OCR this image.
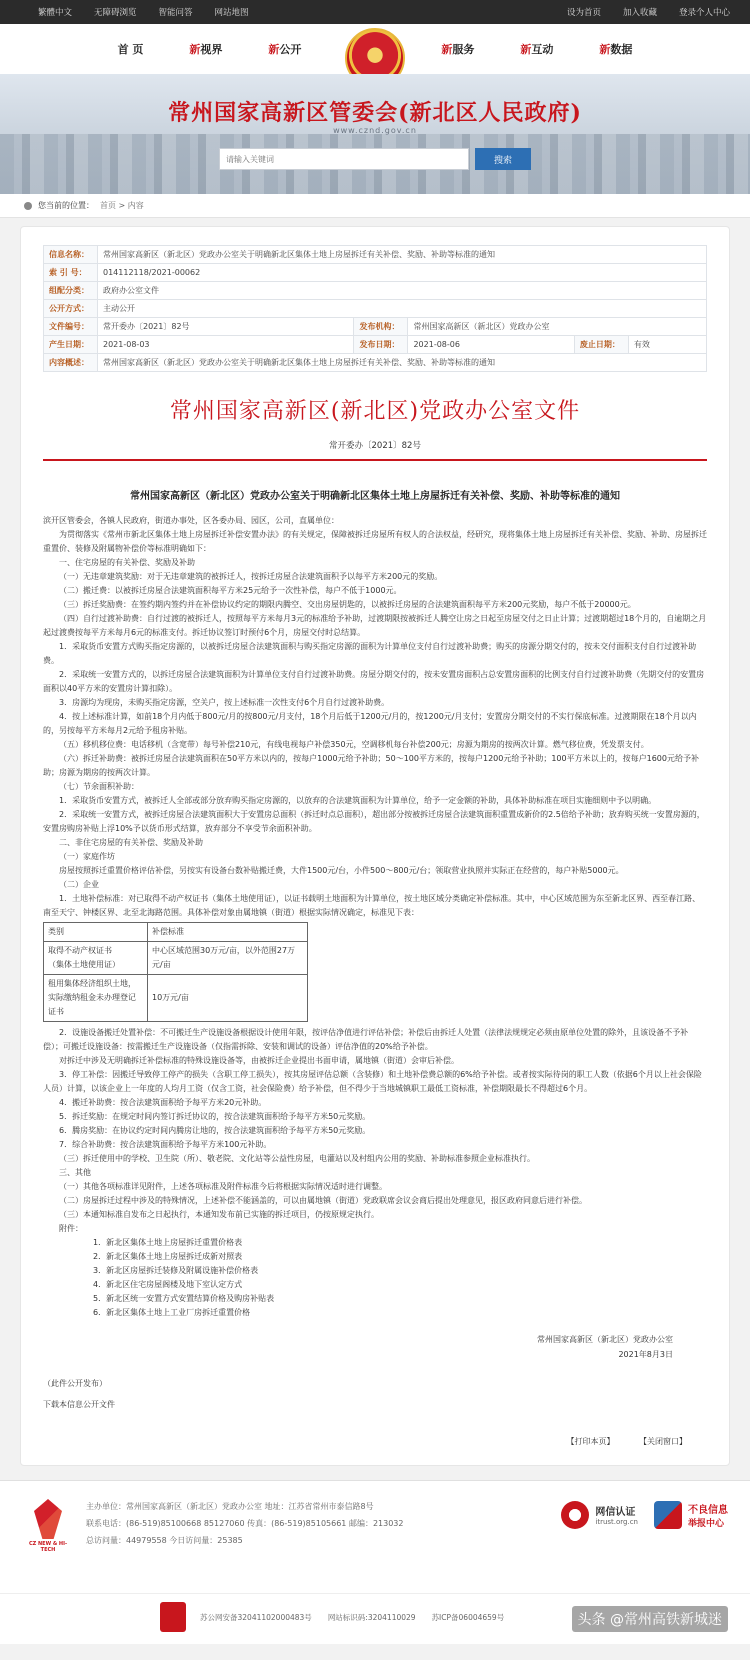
繁體中文	无障碍浏览	智能问答	网站地图	设为首页	加入收藏	登录个人中心
首 页	新视界	新公开	新服务	新互动	新数据
常州国家高新区管委会(新北区人民政府)
www.cznd.gov.cn
请输入关键词
搜索
您当前的位置： 首页 > 内容
信息名称：	常州国家高新区（新北区）党政办公室关于明确新北区集体土地上房屋拆迁有关补偿、奖励、补助等标准的通知				
索 引 号：	014112118/2021-00062				
组配分类：	政府办公室文件				
公开方式：	主动公开				
文件编号：	常开委办〔2021〕82号	发布机构：	常州国家高新区（新北区）党政办公室		
产生日期：	2021-08-03	发布日期：	2021-08-06	废止日期：	有效
内容概述：	常州国家高新区（新北区）党政办公室关于明确新北区集体土地上房屋拆迁有关补偿、奖励、补助等标准的通知				
常州国家高新区(新北区)党政办公室文件
常开委办〔2021〕82号
常州国家高新区（新北区）党政办公室关于明确新北区集体土地上房屋拆迁有关补偿、奖励、补助等标准的通知

滨开区管委会，各镇人民政府，街道办事处，区各委办局、园区，公司，直属单位：

为贯彻落实《常州市新北区集体土地上房屋拆迁补偿安置办法》的有关规定，保障被拆迁房屋所有权人的合法权益，经研究，现将集体土地上房屋拆迁有关补偿、奖励、补助、房屋拆迁重置价、装修及附属物补偿价等标准明确如下：

一、住宅房屋的有关补偿、奖励及补助

（一）无违章建筑奖励：对于无违章建筑的被拆迁人，按拆迁房屋合法建筑面积予以每平方米200元的奖励。

（二）搬迁费：以被拆迁房屋合法建筑面积每平方米25元给予一次性补偿，每户不低于1000元。

（三）拆迁奖励费：在签约期内签约并在补偿协议约定的期限内腾空、交出房屋钥匙的，以被拆迁房屋的合法建筑面积每平方米200元奖励，每户不低于20000元。

（四）自行过渡补助费：自行过渡的被拆迁人，按照每平方米每月3元的标准给予补助，过渡期限按被拆迁人腾空让房之日起至房屋交付之日止计算；过渡期超过18个月的，自逾期之月起过渡费按每平方米每月6元的标准支付。拆迁协议签订时预付6个月，房屋交付时总结算。

1．采取货币安置方式购买指定房源的，以被拆迁房屋合法建筑面积与购买指定房源的面积为计算单位支付自行过渡补助费；购买的房源分期交付的，按未交付面积支付自行过渡补助费。

2．采取统一安置方式的，以拆迁房屋合法建筑面积为计算单位支付自行过渡补助费。房屋分期交付的，按未安置房面积占总安置房面积的比例支付自行过渡补助费（先期交付的安置房面积以40平方米的安置房计算扣除）。

3．房源均为现房，未购买指定房源，空关户，按上述标准一次性支付6个月自行过渡补助费。

4．按上述标准计算，如前18个月内低于800元/月的按800元/月支付，18个月后低于1200元/月的，按1200元/月支付；安置房分期交付的不实行保底标准。过渡期限在18个月以内的，另按每平方米每月2元给予租房补贴。

（五）移机移位费：电话移机（含宽带）每号补偿210元，有线电视每户补偿350元，空调移机每台补偿200元；房源为期房的按两次计算。燃气移位费，凭发票支付。

（六）拆迁补助费：被拆迁房屋合法建筑面积在50平方米以内的，按每户1000元给予补助；50～100平方米的，按每户1200元给予补助；100平方米以上的，按每户1600元给予补助；房源为期房的按两次计算。

（七）节余面积补助：

1．采取货币安置方式，被拆迁人全部或部分放弃购买指定房源的，以放弃的合法建筑面积为计算单位，给予一定金额的补助，具体补助标准在项目实施细则中予以明确。

2．采取统一安置方式，被拆迁房屋合法建筑面积大于安置房总面积（拆迁时点总面积），超出部分按被拆迁房屋合法建筑面积重置成新价的2.5倍给予补助；放弃购买统一安置房源的，安置房购房补贴上浮10%予以货币形式结算，放弃部分不享受节余面积补助。

二、非住宅房屋的有关补偿、奖励及补助

（一）家庭作坊

房屋按照拆迁重置价格评估补偿，另按实有设备台数补贴搬迁费，大件1500元/台，小件500～800元/台；领取营业执照并实际正在经营的，每户补贴5000元。

（二）企业

1．土地补偿标准：对已取得不动产权证书（集体土地使用证），以证书载明土地面积为计算单位，按土地区域分类确定补偿标准。其中，中心区域范围为东至新北区界、西至春江路、南至天宁、钟楼区界、北至北海路范围。具体补偿对象由属地镇（街道）根据实际情况确定，标准见下表：

类别	补偿标准
取得不动产权证书
（集体土地使用证）	中心区域范围30万元/亩，以外范围27万元/亩
租用集体经济组织土地，
实际缴纳租金未办理登记证书	10万元/亩

2．设施设备搬迁处置补偿：不可搬迁生产设施设备根据设计使用年限，按评估净值进行评估补偿；补偿后由拆迁人处置（法律法规规定必须由原单位处置的除外，且该设备不予补偿）；可搬迁设施设备：按需搬迁生产设施设备（仅指需拆除、安装和调试的设备）评估净值的20%给予补偿。

对拆迁中涉及无明确拆迁补偿标准的特殊设施设备等，由被拆迁企业提出书面申请，属地镇（街道）会审后补偿。

3．停工补偿：因搬迁导致停工停产的损失（含职工停工损失），按其房屋评估总额（含装修）和土地补偿费总额的6%给予补偿。或者按实际待岗的职工人数（依据6个月以上社会保险人员）计算，以该企业上一年度的人均月工资（仅含工资，社会保险费）给予补偿，但不得少于当地城镇职工最低工资标准，补偿期限最长不得超过6个月。

4．搬迁补助费：按合法建筑面积给予每平方米20元补助。

5．拆迁奖励：在规定时间内签订拆迁协议的，按合法建筑面积给予每平方米50元奖励。

6．腾房奖励：在协议约定时间内腾房让地的，按合法建筑面积给予每平方米50元奖励。

7．综合补助费：按合法建筑面积给予每平方米100元补助。

（三）拆迁使用中的学校、卫生院（所）、敬老院、文化站等公益性房屋，电灌站以及村组内公用的奖励、补助标准参照企业标准执行。

三、其他

（一）其他各项标准详见附件，上述各项标准及附件标准今后将根据实际情况适时进行调整。

（二）房屋拆迁过程中涉及的特殊情况，上述补偿不能涵盖的，可以由属地镇（街道）党政联席会议会商后提出处理意见，报区政府同意后进行补偿。

（三）本通知标准自发布之日起执行，本通知发布前已实施的拆迁项目，仍按原规定执行。

附件：

1．新北区集体土地上房屋拆迁重置价格表

2．新北区集体土地上房屋拆迁成新对照表

3．新北区房屋拆迁装修及附属设施补偿价格表

4．新北区住宅房屋阁楼及地下室认定方式

5．新北区统一安置方式安置结算价格及购房补贴表

6．新北区集体土地上工业厂房拆迁重置价格

常州国家高新区（新北区）党政办公室
2021年8月3日
（此件公开发布）
下载本信息公开文件
【打印本页】	【关闭窗口】
CZ NEW & HI-TECH
主办单位：常州国家高新区（新北区）党政办公室 地址：江苏省常州市泰信路8号
联系电话：(86-519)85100668 85127060 传真：(86-519)85105661 邮编：213032
总访问量：44979558 今日访问量：25385
网信认证
itrust.org.cn
不良信息
举报中心
苏公网安备32041102000483号 网站标识码:3204110029 苏ICP备06004659号	头条 @常州高铁新城迷
